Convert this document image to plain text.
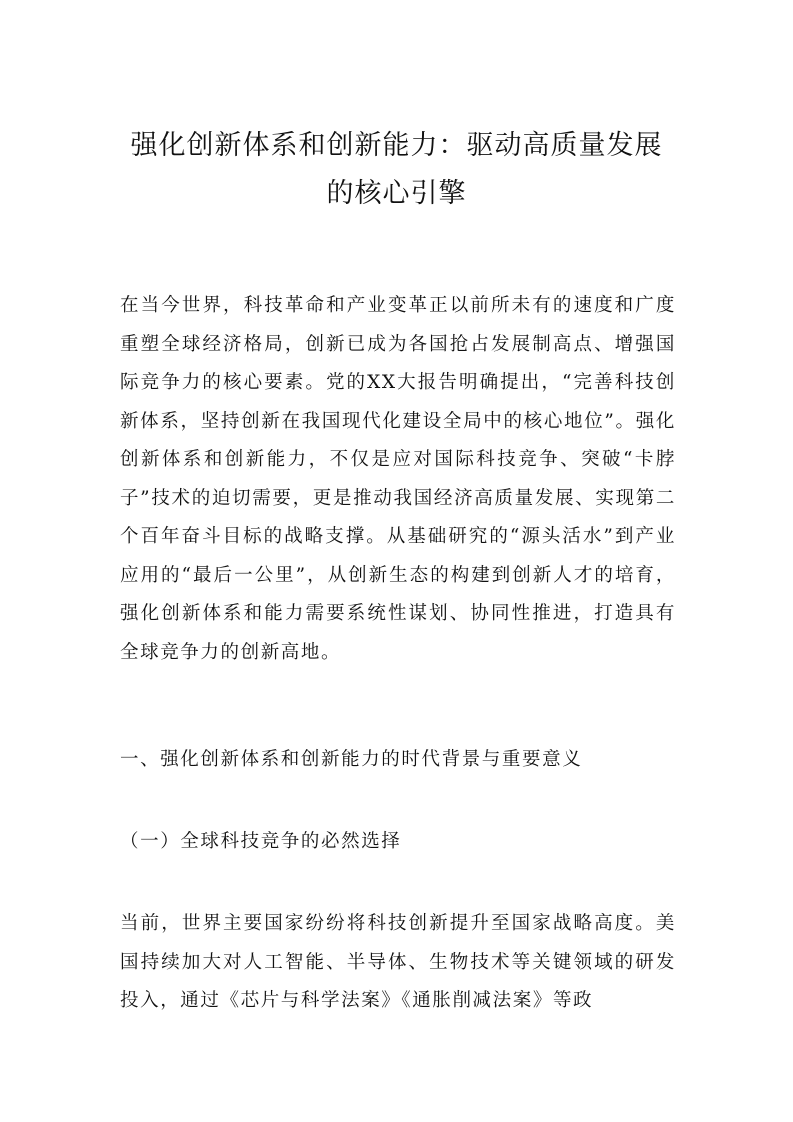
强化创新体系和创新能力：驱动高质量发展
的核心引擎

在当今世界，科技革命和产业变革正以前所未有的速度和广度重塑全球经济格局，创新已成为各国抢占发展制高点、增强国际竞争力的核心要素。党的XX大报告明确提出，“完善科技创新体系，坚持创新在我国现代化建设全局中的核心地位”。强化创新体系和创新能力，不仅是应对国际科技竞争、突破“卡脖子”技术的迫切需要，更是推动我国经济高质量发展、实现第二个百年奋斗目标的战略支撑。从基础研究的“源头活水”到产业应用的“最后一公里”，从创新生态的构建到创新人才的培育，强化创新体系和能力需要系统性谋划、协同性推进，打造具有全球竞争力的创新高地。

一、强化创新体系和创新能力的时代背景与重要意义
（一）全球科技竞争的必然选择

当前，世界主要国家纷纷将科技创新提升至国家战略高度。美国持续加大对人工智能、半导体、生物技术等关键领域的研发投入，通过《芯片与科学法案》《通胀削减法案》等政
